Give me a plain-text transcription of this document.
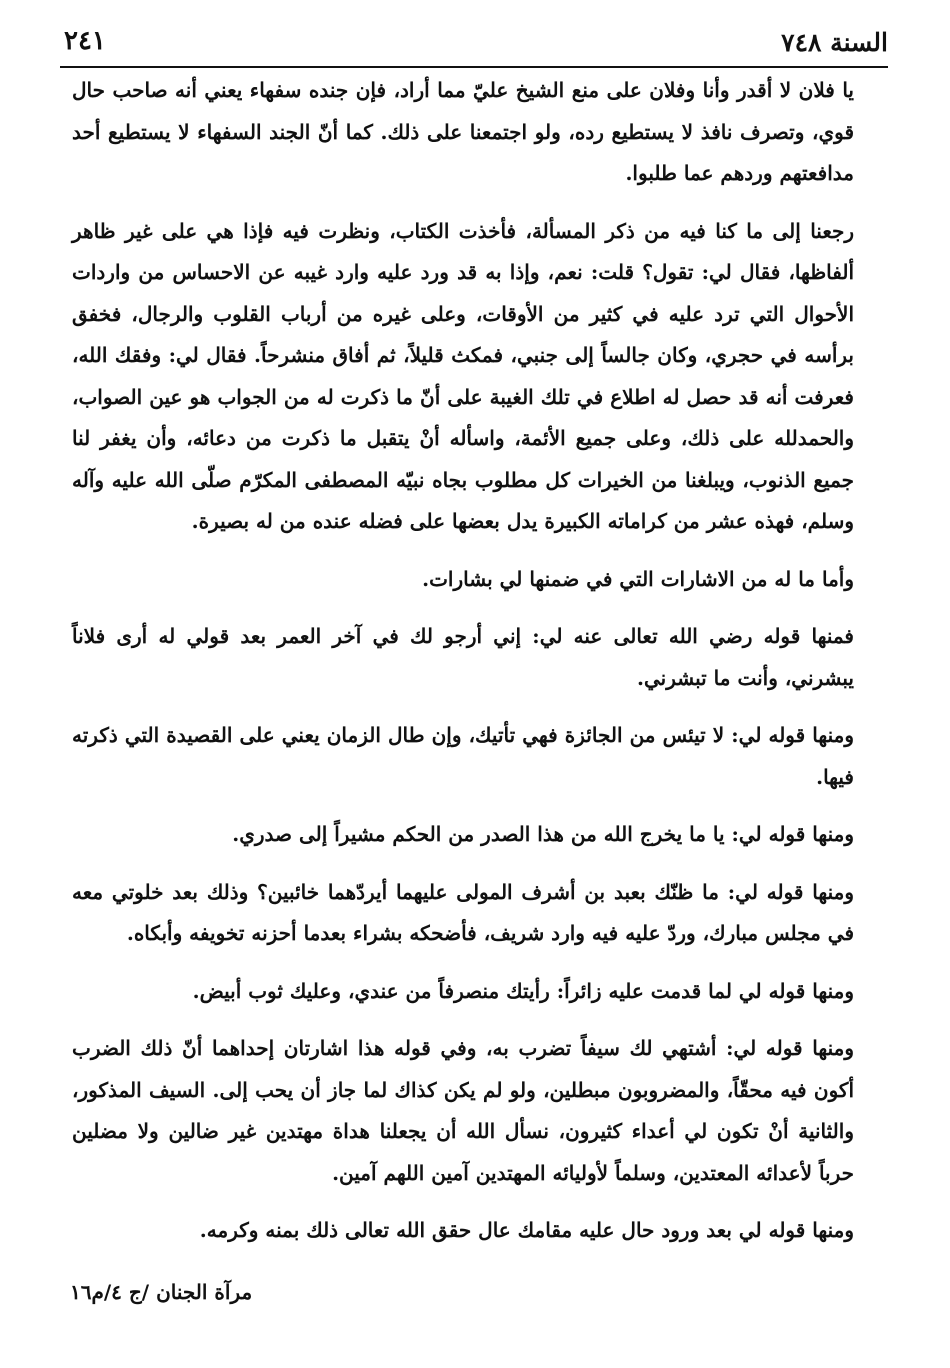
السنة ٧٤٨
٢٤١

يا فلان لا أقدر وأنا وفلان على منع الشيخ عليّ مما أراد، فإن جنده سفهاء يعني أنه صاحب حال قوي، وتصرف نافذ لا يستطيع رده، ولو اجتمعنا على ذلك. كما أنّ الجند السفهاء لا يستطيع أحد مدافعتهم وردهم عما طلبوا.

رجعنا إلى ما كنا فيه من ذكر المسألة، فأخذت الكتاب، ونظرت فيه فإذا هي على غير ظاهر ألفاظها، فقال لي: تقول؟ قلت: نعم، وإذا به قد ورد عليه وارد غيبه عن الاحساس من واردات الأحوال التي ترد عليه في كثير من الأوقات، وعلى غيره من أرباب القلوب والرجال، فخفق برأسه في حجري، وكان جالساً إلى جنبي، فمكث قليلاً، ثم أفاق منشرحاً. فقال لي: وفقك الله، فعرفت أنه قد حصل له اطلاع في تلك الغيبة على أنّ ما ذكرت له من الجواب هو عين الصواب، والحمدلله على ذلك، وعلى جميع الأئمة، واسأله أنْ يتقبل ما ذكرت من دعائه، وأن يغفر لنا جميع الذنوب، ويبلغنا من الخيرات كل مطلوب بجاه نبيّه المصطفى المكرّم صلّى الله عليه وآله وسلم، فهذه عشر من كراماته الكبيرة يدل بعضها على فضله عنده من له بصيرة.

وأما ما له من الاشارات التي في ضمنها لي بشارات.

فمنها قوله رضي الله تعالى عنه لي: إني أرجو لك في آخر العمر بعد قولي له أرى فلاناً يبشرني، وأنت ما تبشرني.

ومنها قوله لي: لا تيئس من الجائزة فهي تأتيك، وإن طال الزمان يعني على القصيدة التي ذكرته فيها.

ومنها قوله لي: يا ما يخرج الله من هذا الصدر من الحكم مشيراً إلى صدري.

ومنها قوله لي: ما ظنّك بعبد بن أشرف المولى عليهما أيردّهما خائبين؟ وذلك بعد خلوتي معه في مجلس مبارك، وردّ عليه فيه وارد شريف، فأضحكه بشراء بعدما أحزنه تخويفه وأبكاه.

ومنها قوله لي لما قدمت عليه زائراً: رأيتك منصرفاً من عندي، وعليك ثوب أبيض.

ومنها قوله لي: أشتهي لك سيفاً تضرب به، وفي قوله هذا اشارتان إحداهما أنّ ذلك الضرب أكون فيه محقّاً، والمضروبون مبطلين، ولو لم يكن كذاك لما جاز أن يحب إلى. السيف المذكور، والثانية أنْ تكون لي أعداء كثيرون، نسأل الله أن يجعلنا هداة مهتدين غير ضالين ولا مضلين حرباً لأعدائه المعتدين، وسلماً لأوليائه المهتدين آمين اللهم آمين.

ومنها قوله لي بعد ورود حال عليه مقامك عال حقق الله تعالى ذلك بمنه وكرمه.

مرآة الجنان /ج ٤/م١٦
